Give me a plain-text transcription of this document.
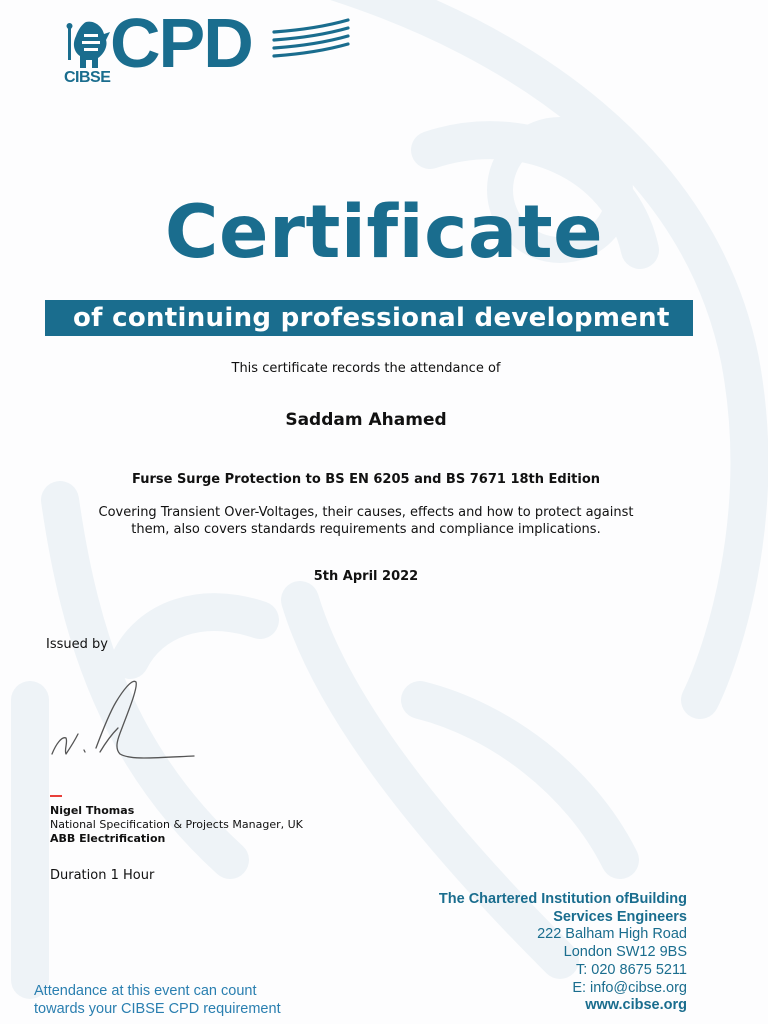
CPD
CIBSE
Certificate
of continuing professional development
This certificate records the attendance of
Saddam Ahamed
Furse Surge Protection to BS EN 6205 and BS 7671 18th Edition
Covering Transient Over-Voltages, their causes, effects and how to protect against
them, also covers standards requirements and compliance implications.
5th April 2022
Issued by
Nigel Thomas
National Specification & Projects Manager, UK
ABB Electrification
Duration 1 Hour
The Chartered Institution ofBuilding
Services Engineers
222 Balham High Road
London SW12 9BS
T: 020 8675 5211
E: info@cibse.org
www.cibse.org
Attendance at this event can count
towards your CIBSE CPD requirement
